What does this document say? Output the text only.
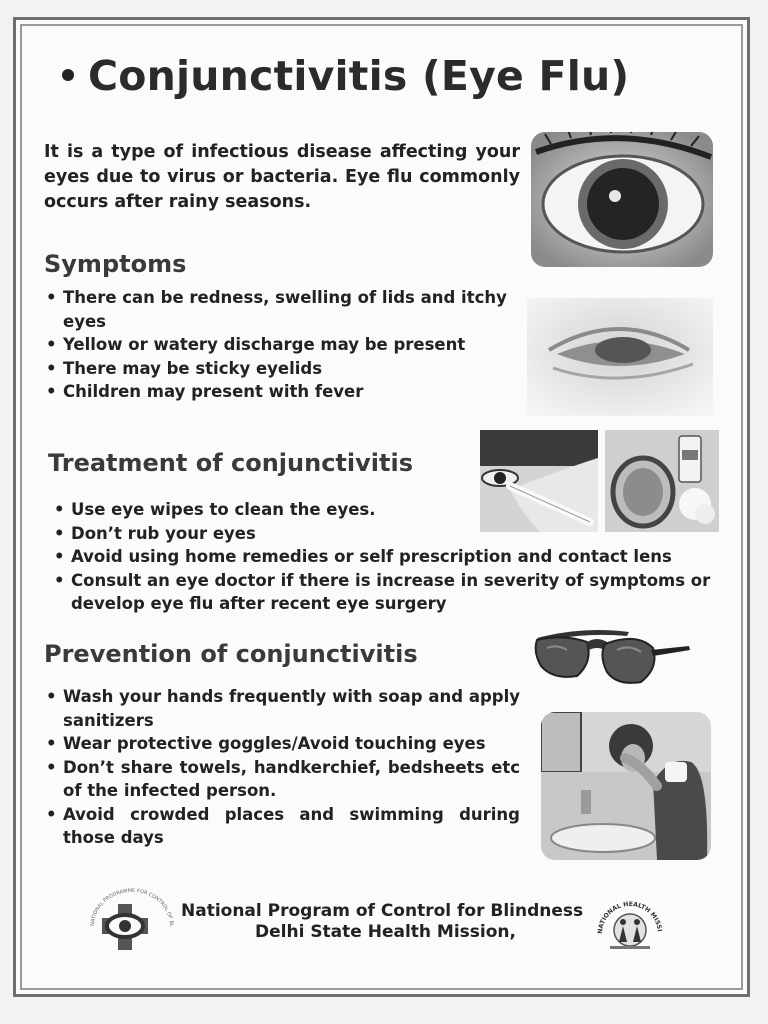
Conjunctivitis (Eye Flu)
It is a type of infectious disease affecting your eyes due to virus or bacteria. Eye flu commonly occurs after rainy seasons.
Symptoms
• There can be redness, swelling of lids and itchy eyes
• Yellow or watery discharge may be present
• There may be sticky eyelids
• Children may present with fever
Treatment of conjunctivitis
• Use eye wipes to clean the eyes.
• Don’t rub your eyes
• Avoid using home remedies or self prescription and contact lens
• Consult an eye doctor if there is increase in severity of symptoms or develop eye flu after recent eye surgery
Prevention of conjunctivitis
• Wash your hands frequently with soap and apply sanitizers
• Wear protective goggles/Avoid touching eyes
• Don’t share towels, handkerchief, bedsheets etc of the infected person.
• Avoid crowded places and swimming during those days
NATIONAL PROGRAMME FOR CONTROL OF BL
National Program of Control for Blindness
Delhi State Health Mission,	NATIONAL HEALTH MISSI
